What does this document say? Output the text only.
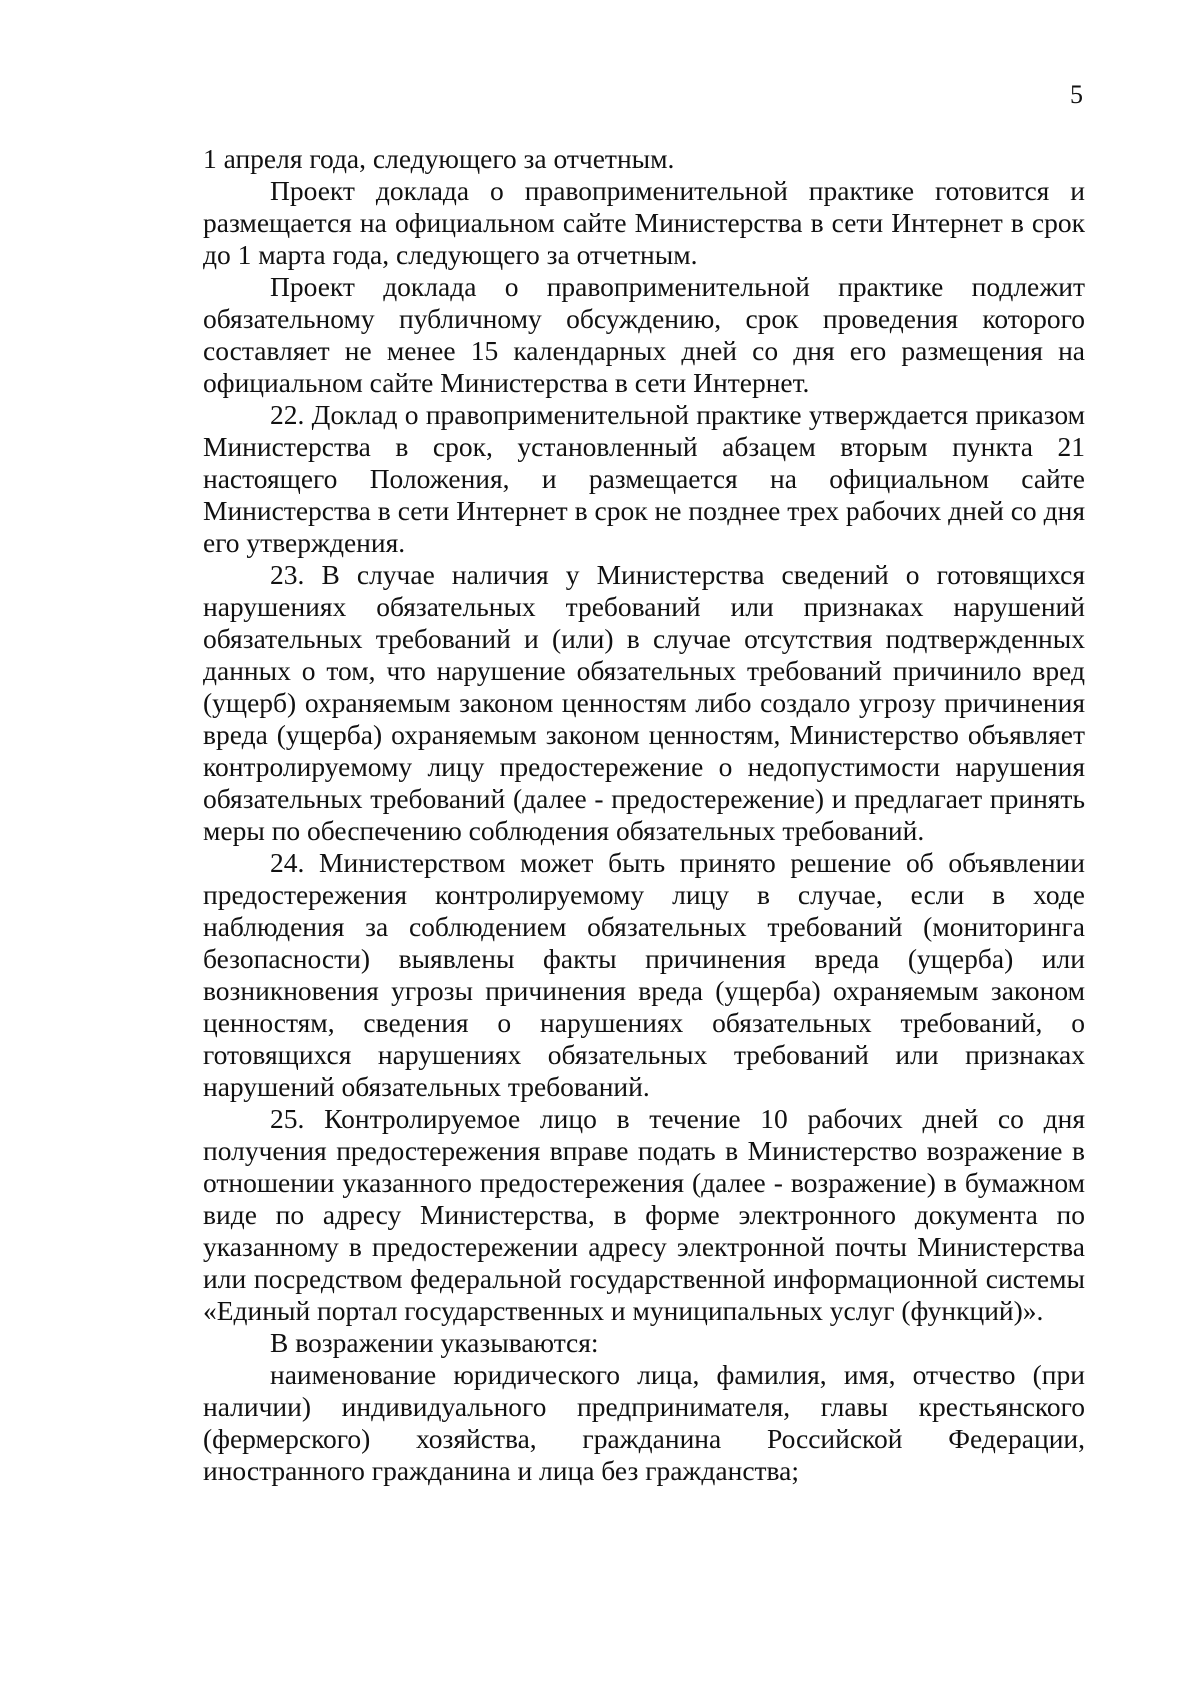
5

1 апреля года, следующего за отчетным.

Проект доклада о правоприменительной практике готовится и размещается на официальном сайте Министерства в сети Интернет в срок до 1 марта года, следующего за отчетным.

Проект доклада о правоприменительной практике подлежит обязательному публичному обсуждению, срок проведения которого составляет не менее 15 календарных дней со дня его размещения на официальном сайте Министерства в сети Интернет.

22. Доклад о правоприменительной практике утверждается приказом Министерства в срок, установленный абзацем вторым пункта 21 настоящего Положения, и размещается на официальном сайте Министерства в сети Интернет в срок не позднее трех рабочих дней со дня его утверждения.

23. В случае наличия у Министерства сведений о готовящихся нарушениях обязательных требований или признаках нарушений обязательных требований и (или) в случае отсутствия подтвержденных данных о том, что нарушение обязательных требований причинило вред (ущерб) охраняемым законом ценностям либо создало угрозу причинения вреда (ущерба) охраняемым законом ценностям, Министерство объявляет контролируемому лицу предостережение о недопустимости нарушения обязательных требований (далее - предостережение) и предлагает принять меры по обеспечению соблюдения обязательных требований.

24. Министерством может быть принято решение об объявлении предостережения контролируемому лицу в случае, если в ходе наблюдения за соблюдением обязательных требований (мониторинга безопасности) выявлены факты причинения вреда (ущерба) или возникновения угрозы причинения вреда (ущерба) охраняемым законом ценностям, сведения о нарушениях обязательных требований, о готовящихся нарушениях обязательных требований или признаках нарушений обязательных требований.

25. Контролируемое лицо в течение 10 рабочих дней со дня получения предостережения вправе подать в Министерство возражение в отношении указанного предостережения (далее - возражение) в бумажном виде по адресу Министерства, в форме электронного документа по указанному в предостережении адресу электронной почты Министерства или посредством федеральной государственной информационной системы «Единый портал государственных и муниципальных услуг (функций)».

В возражении указываются:

наименование юридического лица, фамилия, имя, отчество (при наличии) индивидуального предпринимателя, главы крестьянского (фермерского) хозяйства, гражданина Российской Федерации, иностранного гражданина и лица без гражданства;
